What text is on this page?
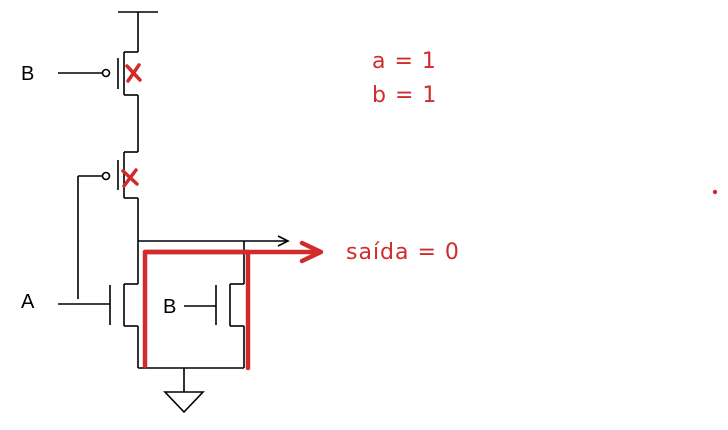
B
A	B
a = 1
b = 1
saída = 0
